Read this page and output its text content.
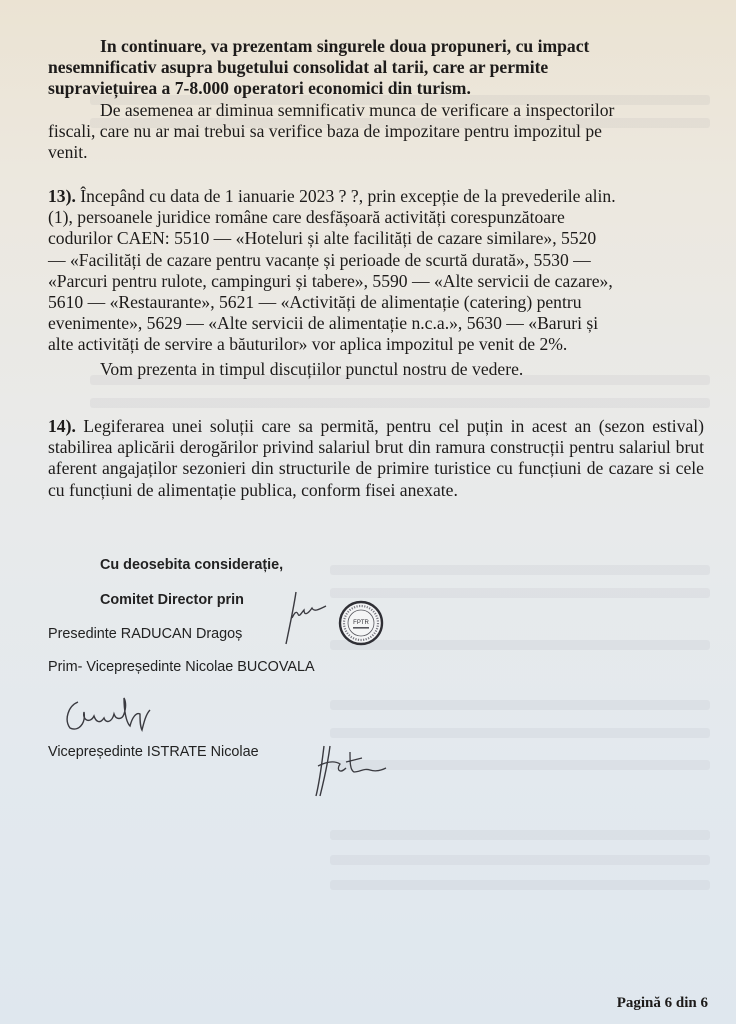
In continuare, va prezentam singurele doua propuneri, cu impact
nesemnificativ asupra bugetului consolidat al tarii, care ar permite
supraviețuirea a 7-8.000 operatori economici din turism.
De asemenea ar diminua semnificativ munca de verificare a inspectorilor
fiscali, care nu ar mai trebui sa verifice baza de impozitare pentru impozitul pe
venit.
13). Începând cu data de 1 ianuarie 2023 ? ?, prin excepție de la prevederile alin.
(1), persoanele juridice române care desfășoară activități corespunzătoare
codurilor CAEN: 5510 — «Hoteluri și alte facilități de cazare similare», 5520
— «Facilități de cazare pentru vacanțe și perioade de scurtă durată», 5530 —
«Parcuri pentru rulote, campinguri și tabere», 5590 — «Alte servicii de cazare»,
5610 — «Restaurante», 5621 — «Activități de alimentație (catering) pentru
evenimente», 5629 — «Alte servicii de alimentație n.c.a.», 5630 — «Baruri și
alte activități de servire a băuturilor» vor aplica impozitul pe venit de 2%.
Vom prezenta in timpul discuțiilor punctul nostru de vedere.
14). Legiferarea unei soluții care sa permită, pentru cel puțin in acest an (sezon estival) stabilirea aplicării derogărilor privind salariul brut din ramura construcții pentru salariul brut aferent angajaților sezonieri din structurile de primire turistice cu funcțiuni de cazare si cele cu funcțiuni de alimentație publica, conform fisei anexate.
Cu deosebita considerație,
Comitet Director prin
Presedinte RADUCAN Dragoș
Prim- Vicepreședinte Nicolae BUCOVALA
Vicepreședinte ISTRATE Nicolae
FPTR
Pagină 6 din 6
